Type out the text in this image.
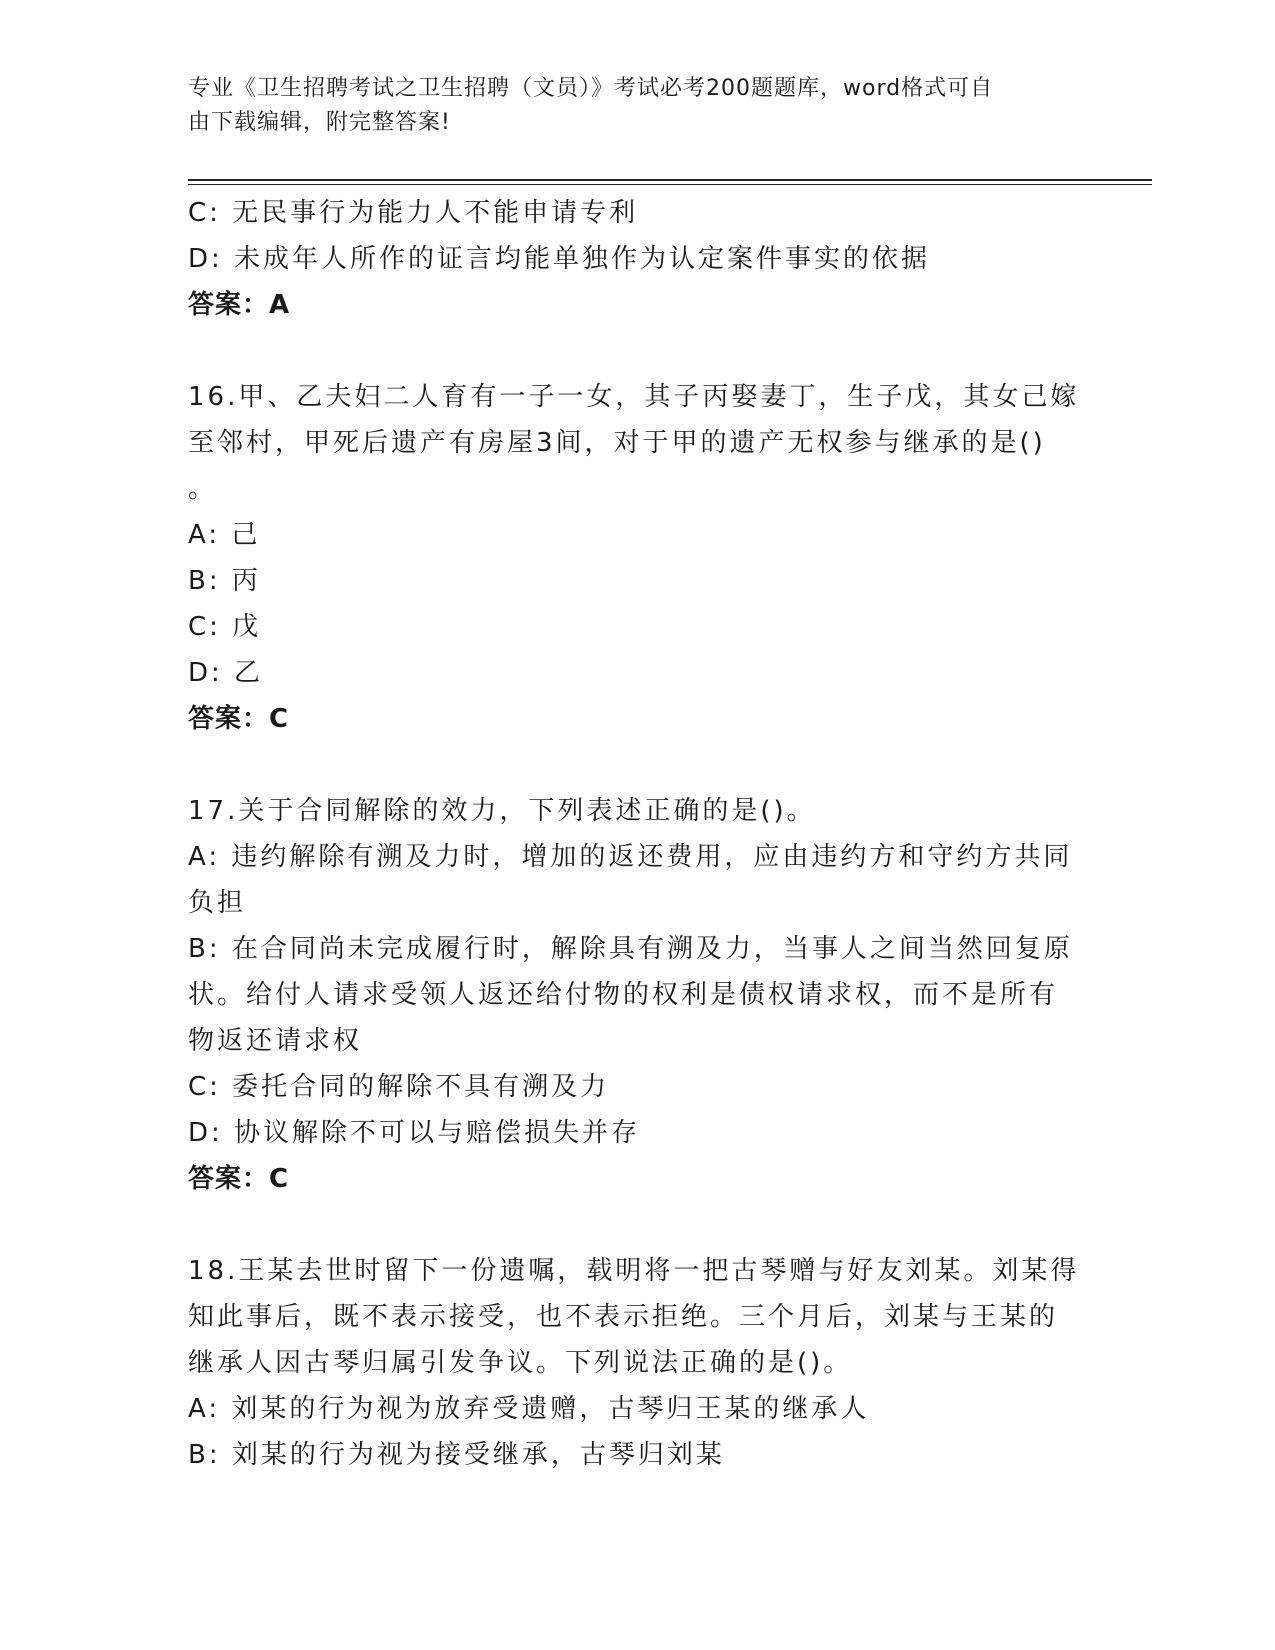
专业《卫生招聘考试之卫生招聘（文员）》考试必考200题题库，word格式可自
由下载编辑，附完整答案!
C: 无民事行为能力人不能申请专利
D: 未成年人所作的证言均能单独作为认定案件事实的依据
答案：A
16.甲、乙夫妇二人育有一子一女，其子丙娶妻丁，生子戊，其女己嫁
至邻村，甲死后遗产有房屋3间，对于甲的遗产无权参与继承的是()
。
A: 己
B: 丙
C: 戊
D: 乙
答案：C
17.关于合同解除的效力，下列表述正确的是()。
A: 违约解除有溯及力时，增加的返还费用，应由违约方和守约方共同
负担
B: 在合同尚未完成履行时，解除具有溯及力，当事人之间当然回复原
状。给付人请求受领人返还给付物的权利是债权请求权，而不是所有
物返还请求权
C: 委托合同的解除不具有溯及力
D: 协议解除不可以与赔偿损失并存
答案：C
18.王某去世时留下一份遗嘱，载明将一把古琴赠与好友刘某。刘某得
知此事后，既不表示接受，也不表示拒绝。三个月后，刘某与王某的
继承人因古琴归属引发争议。下列说法正确的是()。
A: 刘某的行为视为放弃受遗赠，古琴归王某的继承人
B: 刘某的行为视为接受继承，古琴归刘某
